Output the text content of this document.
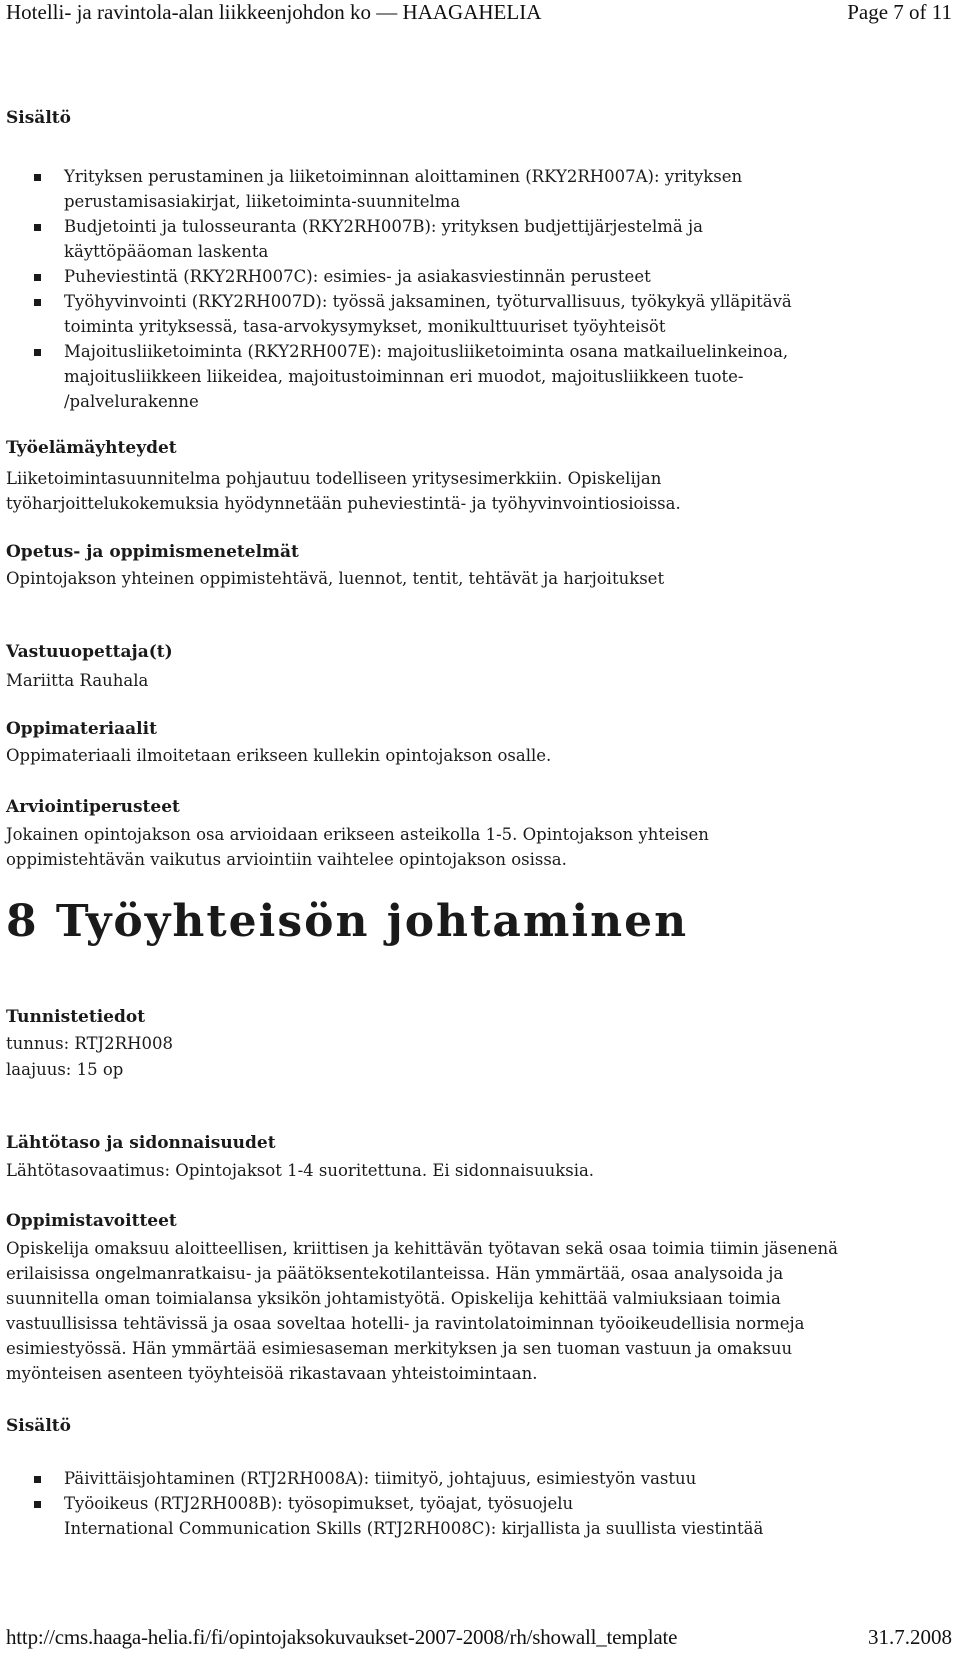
Hotelli- ja ravintola-alan liikkeenjohdon ko — HAAGAHELIA	Page 7 of 11
Sisältö
Yrityksen perustaminen ja liiketoiminnan aloittaminen (RKY2RH007A): yrityksen
perustamisasiakirjat, liiketoiminta-suunnitelma
Budjetointi ja tulosseuranta (RKY2RH007B): yrityksen budjettijärjestelmä ja
käyttöpääoman laskenta
Puheviestintä (RKY2RH007C): esimies- ja asiakasviestinnän perusteet
Työhyvinvointi (RKY2RH007D): työssä jaksaminen, työturvallisuus, työkykyä ylläpitävä
toiminta yrityksessä, tasa-arvokysymykset, monikulttuuriset työyhteisöt
Majoitusliiketoiminta (RKY2RH007E): majoitusliiketoiminta osana matkailuelinkeinoa,
majoitusliikkeen liikeidea, majoitustoiminnan eri muodot, majoitusliikkeen tuote-
/palvelurakenne
Työelämäyhteydet
Liiketoimintasuunnitelma pohjautuu todelliseen yritysesimerkkiin. Opiskelijan
työharjoittelukokemuksia hyödynnetään puheviestintä- ja työhyvinvointiosioissa.
Opetus- ja oppimismenetelmät
Opintojakson yhteinen oppimistehtävä, luennot, tentit, tehtävät ja harjoitukset
Vastuuopettaja(t)
Mariitta Rauhala
Oppimateriaalit
Oppimateriaali ilmoitetaan erikseen kullekin opintojakson osalle.
Arviointiperusteet
Jokainen opintojakson osa arvioidaan erikseen asteikolla 1-5. Opintojakson yhteisen
oppimistehtävän vaikutus arviointiin vaihtelee opintojakson osissa.
8 Työyhteisön johtaminen
Tunnistetiedot
tunnus: RTJ2RH008
laajuus: 15 op
Lähtötaso ja sidonnaisuudet
Lähtötasovaatimus: Opintojaksot 1-4 suoritettuna. Ei sidonnaisuuksia.
Oppimistavoitteet
Opiskelija omaksuu aloitteellisen, kriittisen ja kehittävän työtavan sekä osaa toimia tiimin jäsenenä
erilaisissa ongelmanratkaisu- ja päätöksentekotilanteissa. Hän ymmärtää, osaa analysoida ja
suunnitella oman toimialansa yksikön johtamistyötä. Opiskelija kehittää valmiuksiaan toimia
vastuullisissa tehtävissä ja osaa soveltaa hotelli- ja ravintolatoiminnan työoikeudellisia normeja
esimiestyössä. Hän ymmärtää esimiesaseman merkityksen ja sen tuoman vastuun ja omaksuu
myönteisen asenteen työyhteisöä rikastavaan yhteistoimintaan.
Sisältö
Päivittäisjohtaminen (RTJ2RH008A): tiimityö, johtajuus, esimiestyön vastuu
Työoikeus (RTJ2RH008B): työsopimukset, työajat, työsuojelu
International Communication Skills (RTJ2RH008C): kirjallista ja suullista viestintää
http://cms.haaga-helia.fi/fi/opintojaksokuvaukset-2007-2008/rh/showall_template	31.7.2008
